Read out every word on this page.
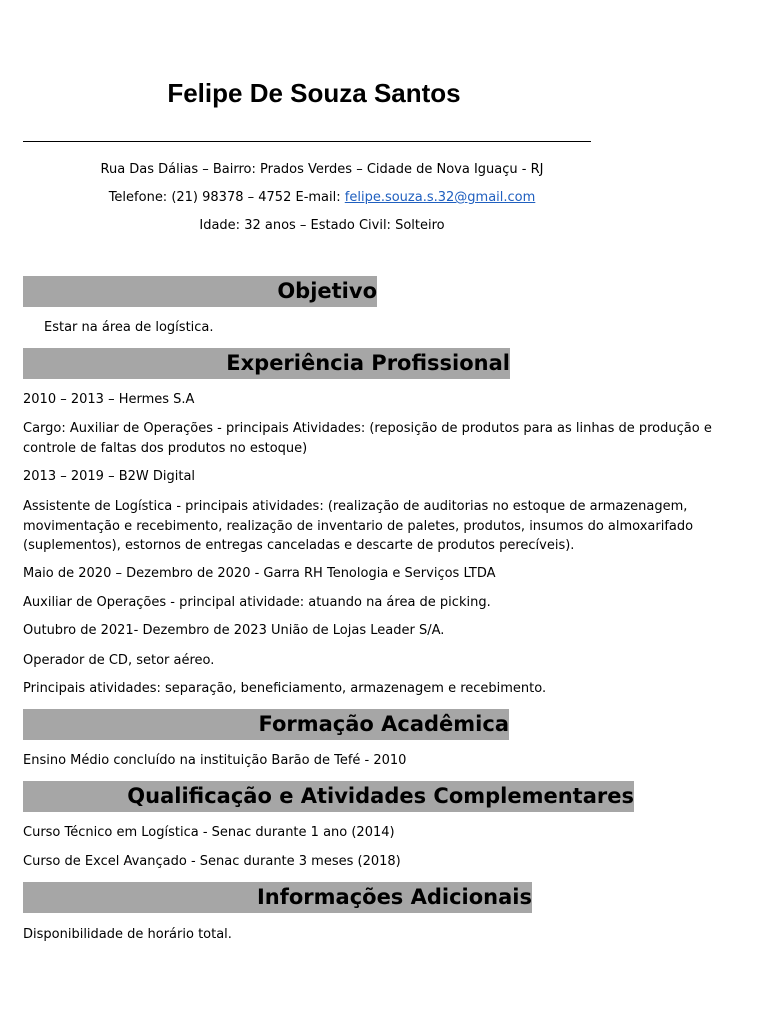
Felipe De Souza Santos
Rua Das Dálias – Bairro: Prados Verdes – Cidade de Nova Iguaçu - RJ
Telefone: (21) 98378 – 4752 E-mail: felipe.souza.s.32@gmail.com
Idade: 32 anos – Estado Civil: Solteiro
Objetivo
Estar na área de logística.
Experiência Profissional
2010 – 2013 – Hermes S.A
Cargo: Auxiliar de Operações - principais Atividades: (reposição de produtos para as linhas de produção e controle de faltas dos produtos no estoque)
2013 – 2019 – B2W Digital
Assistente de Logística - principais atividades: (realização de auditorias no estoque de armazenagem, movimentação e recebimento, realização de inventario de paletes, produtos, insumos do almoxarifado (suplementos), estornos de entregas canceladas e descarte de produtos perecíveis).
Maio de 2020 – Dezembro de 2020 - Garra RH Tenologia e Serviços LTDA
Auxiliar de Operações - principal atividade: atuando na área de picking.
Outubro de 2021- Dezembro de 2023 União de Lojas Leader S/A.
Operador de CD, setor aéreo.
Principais atividades: separação, beneficiamento, armazenagem e recebimento.
Formação Acadêmica
Ensino Médio concluído na instituição Barão de Tefé - 2010
Qualificação e Atividades Complementares
Curso Técnico em Logística - Senac durante 1 ano (2014)
Curso de Excel Avançado - Senac durante 3 meses (2018)
Informações Adicionais
Disponibilidade de horário total.
